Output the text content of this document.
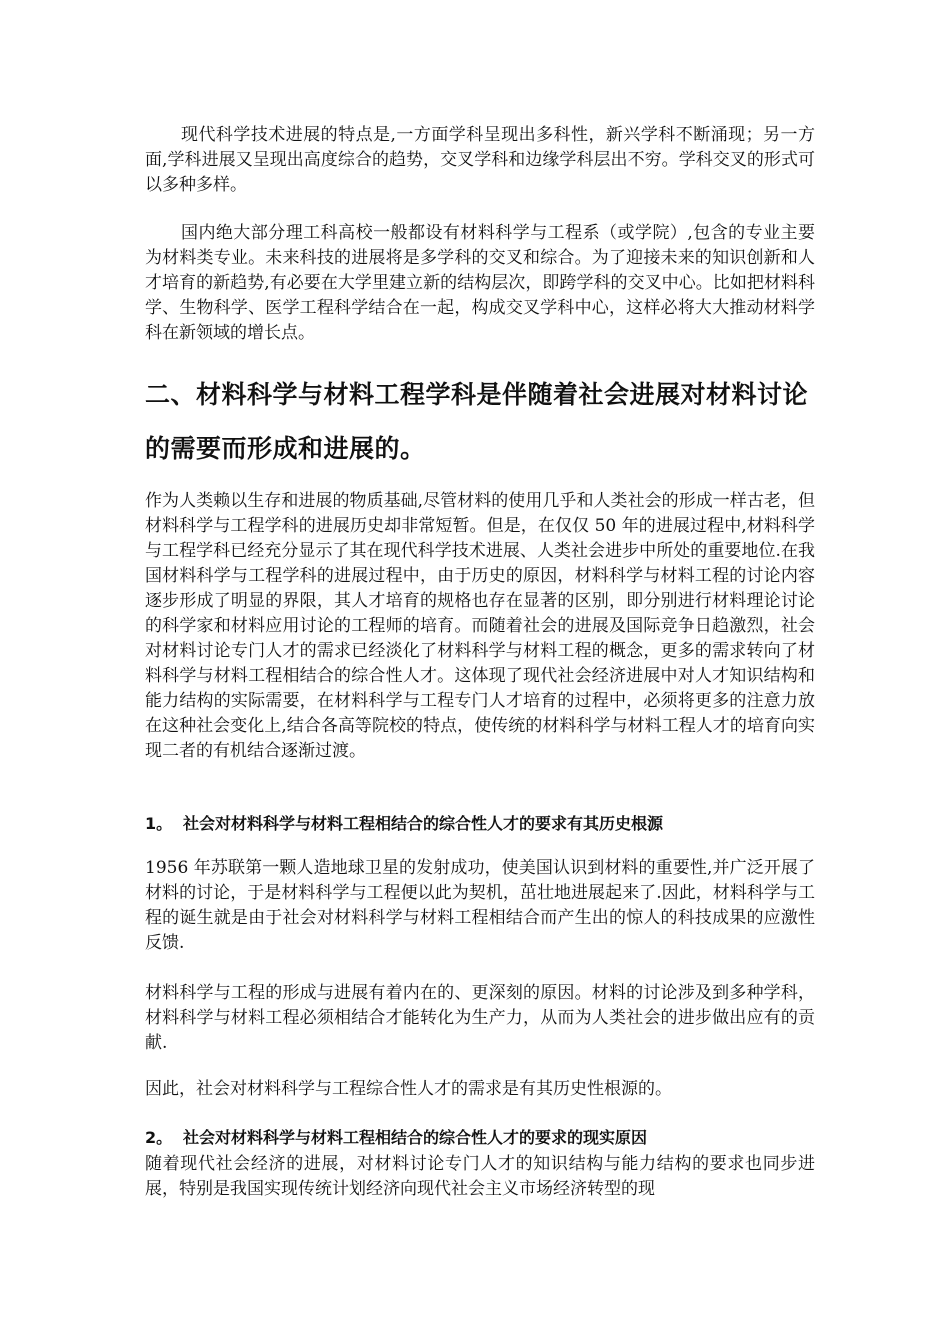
现代科学技术进展的特点是,一方面学科呈现出多科性，新兴学科不断涌现；另一方面,学科进展又呈现出高度综合的趋势，交叉学科和边缘学科层出不穷。学科交叉的形式可以多种多样。

国内绝大部分理工科高校一般都设有材料科学与工程系（或学院）,包含的专业主要为材料类专业。未来科技的进展将是多学科的交叉和综合。为了迎接未来的知识创新和人才培育的新趋势,有必要在大学里建立新的结构层次，即跨学科的交叉中心。比如把材料科学、生物科学、医学工程科学结合在一起，构成交叉学科中心，这样必将大大推动材料学科在新领域的增长点。

二、材料科学与材料工程学科是伴随着社会进展对材料讨论的需要而形成和进展的。

作为人类赖以生存和进展的物质基础,尽管材料的使用几乎和人类社会的形成一样古老，但材料科学与工程学科的进展历史却非常短暂。但是，在仅仅 50 年的进展过程中,材料科学与工程学科已经充分显示了其在现代科学技术进展、人类社会进步中所处的重要地位.在我国材料科学与工程学科的进展过程中，由于历史的原因，材料科学与材料工程的讨论内容逐步形成了明显的界限，其人才培育的规格也存在显著的区别，即分别进行材料理论讨论的科学家和材料应用讨论的工程师的培育。而随着社会的进展及国际竞争日趋激烈，社会对材料讨论专门人才的需求已经淡化了材料科学与材料工程的概念，更多的需求转向了材料科学与材料工程相结合的综合性人才。这体现了现代社会经济进展中对人才知识结构和能力结构的实际需要，在材料科学与工程专门人才培育的过程中，必须将更多的注意力放在这种社会变化上,结合各高等院校的特点，使传统的材料科学与材料工程人才的培育向实现二者的有机结合逐渐过渡。

1。 社会对材料科学与材料工程相结合的综合性人才的要求有其历史根源

1956 年苏联第一颗人造地球卫星的发射成功，使美国认识到材料的重要性,并广泛开展了材料的讨论，于是材料科学与工程便以此为契机，茁壮地进展起来了.因此，材料科学与工程的诞生就是由于社会对材料科学与材料工程相结合而产生出的惊人的科技成果的应激性反馈.

材料科学与工程的形成与进展有着内在的、更深刻的原因。材料的讨论涉及到多种学科，材料科学与材料工程必须相结合才能转化为生产力，从而为人类社会的进步做出应有的贡献.

因此，社会对材料科学与工程综合性人才的需求是有其历史性根源的。

2。 社会对材料科学与材料工程相结合的综合性人才的要求的现实原因

随着现代社会经济的进展，对材料讨论专门人才的知识结构与能力结构的要求也同步进展，特别是我国实现传统计划经济向现代社会主义市场经济转型的现
